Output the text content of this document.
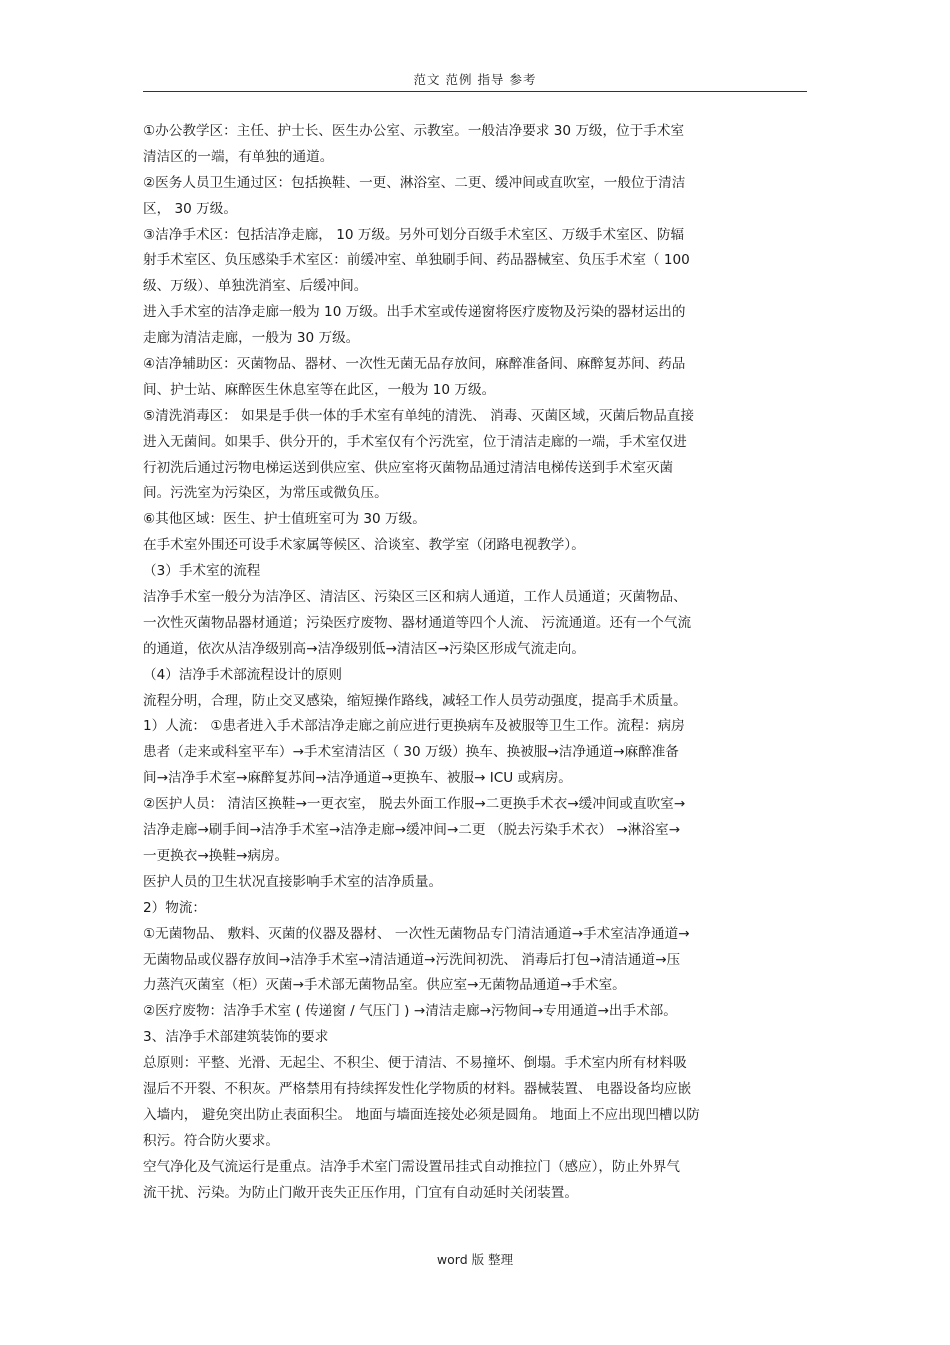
范文 范例 指导 参考
①办公教学区：主任、护士长、医生办公室、示教室。一般洁净要求 30 万级，位于手术室
清洁区的一端，有单独的通道。
②医务人员卫生通过区：包括换鞋、一更、淋浴室、二更、缓冲间或直吹室，一般位于清洁
区， 30 万级。
③洁净手术区：包括洁净走廊， 10 万级。另外可划分百级手术室区、万级手术室区、防辐
射手术室区、负压感染手术室区：前缓冲室、单独刷手间、药品器械室、负压手术室（ 100
级、万级）、单独洗消室、后缓冲间。
进入手术室的洁净走廊一般为 10 万级。出手术室或传递窗将医疗废物及污染的器材运出的
走廊为清洁走廊，一般为 30 万级。
④洁净辅助区：灭菌物品、器材、一次性无菌无品存放间，麻醉准备间、麻醉复苏间、药品
间、护士站、麻醉医生休息室等在此区，一般为 10 万级。
⑤清洗消毒区： 如果是手供一体的手术室有单纯的清洗、 消毒、灭菌区域，灭菌后物品直接
进入无菌间。如果手、供分开的，手术室仅有个污洗室，位于清洁走廊的一端，手术室仅进
行初洗后通过污物电梯运送到供应室、供应室将灭菌物品通过清洁电梯传送到手术室灭菌
间。污洗室为污染区，为常压或微负压。
⑥其他区域：医生、护士值班室可为 30 万级。
在手术室外围还可设手术家属等候区、洽谈室、教学室（闭路电视教学）。
（3）手术室的流程
洁净手术室一般分为洁净区、清洁区、污染区三区和病人通道，工作人员通道；灭菌物品、
一次性灭菌物品器材通道；污染医疗废物、器材通道等四个人流、 污流通道。还有一个气流
的通道，依次从洁净级别高→洁净级别低→清洁区→污染区形成气流走向。
（4）洁净手术部流程设计的原则
流程分明，合理，防止交叉感染，缩短操作路线，减轻工作人员劳动强度，提高手术质量。
1）人流： ①患者进入手术部洁净走廊之前应进行更换病车及被服等卫生工作。流程：病房
患者（走来或科室平车）→手术室清洁区（ 30 万级）换车、换被服→洁净通道→麻醉准备
间→洁净手术室→麻醉复苏间→洁净通道→更换车、被服→ ICU 或病房。
②医护人员： 清洁区换鞋→一更衣室， 脱去外面工作服→二更换手术衣→缓冲间或直吹室→
洁净走廊→刷手间→洁净手术室→洁净走廊→缓冲间→二更 （脱去污染手术衣） →淋浴室→
一更换衣→换鞋→病房。
医护人员的卫生状况直接影响手术室的洁净质量。
2）物流：
①无菌物品、 敷料、灭菌的仪器及器材、 一次性无菌物品专门清洁通道→手术室洁净通道→
无菌物品或仪器存放间→洁净手术室→清洁通道→污洗间初洗、 消毒后打包→清洁通道→压
力蒸汽灭菌室（柜）灭菌→手术部无菌物品室。供应室→无菌物品通道→手术室。
②医疗废物：洁净手术室 ( 传递窗 / 气压门 ) →清洁走廊→污物间→专用通道→出手术部。
3、洁净手术部建筑装饰的要求
总原则：平整、光滑、无起尘、不积尘、便于清洁、不易撞坏、倒塌。手术室内所有材料吸
湿后不开裂、不积灰。严格禁用有持续挥发性化学物质的材料。器械装置、 电器设备均应嵌
入墙内， 避免突出防止表面积尘。 地面与墙面连接处必须是圆角。 地面上不应出现凹槽以防
积污。符合防火要求。
空气净化及气流运行是重点。洁净手术室门需设置吊挂式自动推拉门（感应），防止外界气
流干扰、污染。为防止门敞开丧失正压作用，门宜有自动延时关闭装置。
word 版 整理
